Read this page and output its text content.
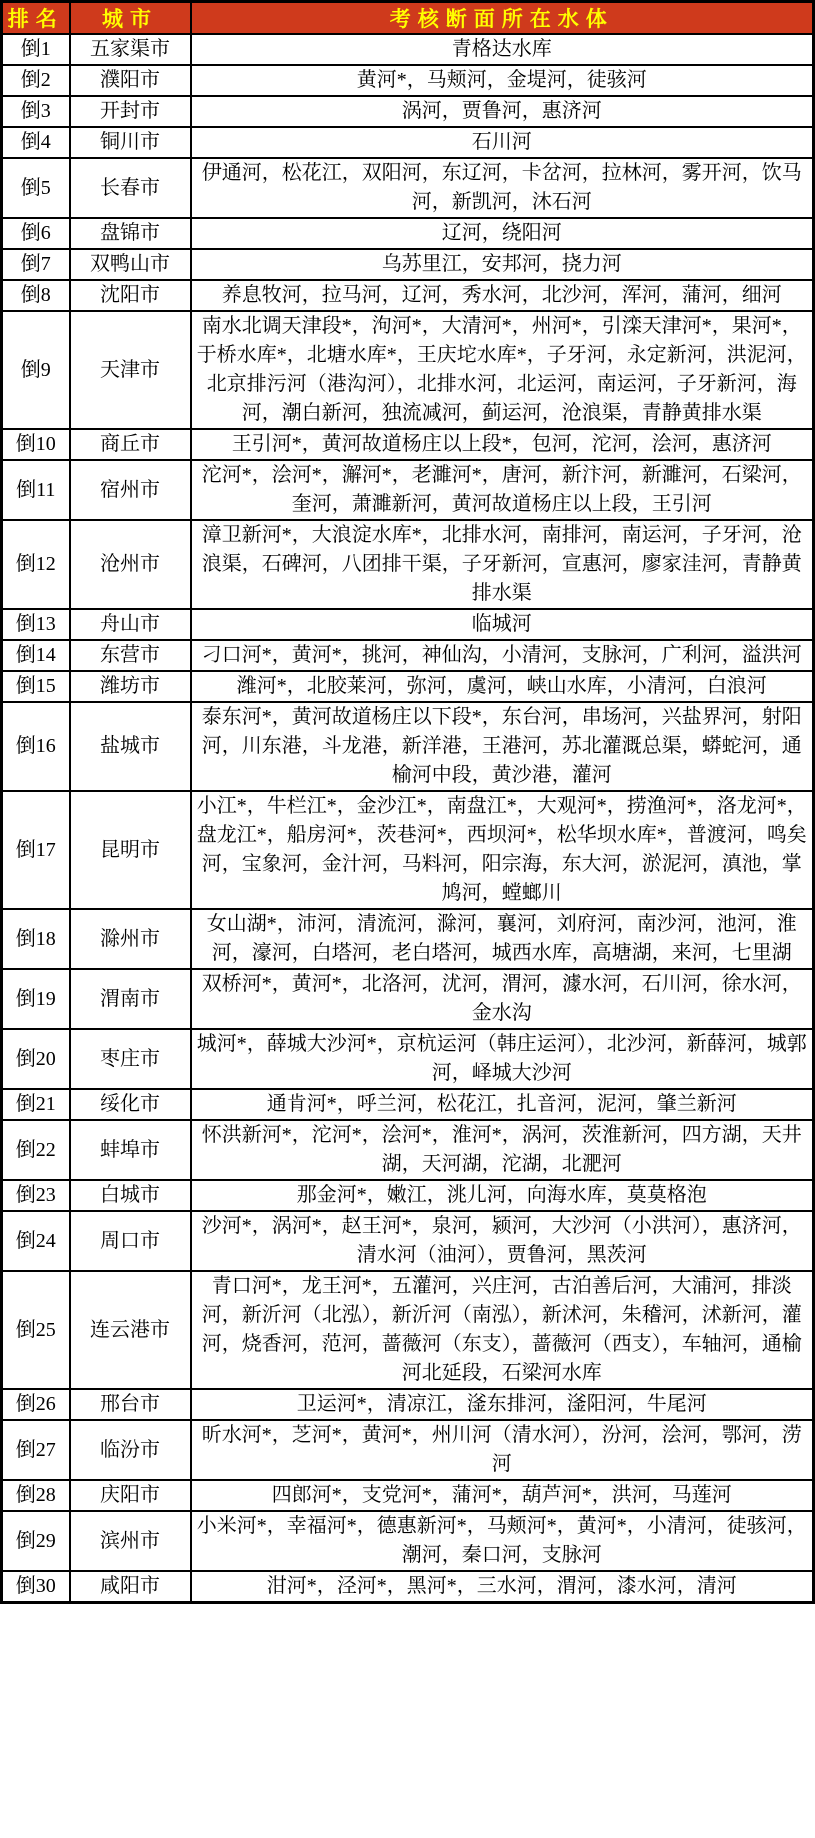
排名	城市	考核断面所在水体
倒1	五家渠市	青格达水库
倒2	濮阳市	黄河*，马颊河，金堤河，徒骇河
倒3	开封市	涡河，贾鲁河，惠济河
倒4	铜川市	石川河
倒5	长春市	伊通河，松花江，双阳河，东辽河，卡岔河，拉林河，雾开河，饮马河，新凯河，沐石河
倒6	盘锦市	辽河，绕阳河
倒7	双鸭山市	乌苏里江，安邦河，挠力河
倒8	沈阳市	养息牧河，拉马河，辽河，秀水河，北沙河，浑河，蒲河，细河
倒9	天津市	南水北调天津段*，泃河*，大清河*，州河*，引滦天津河*，果河*，于桥水库*，北塘水库*，王庆坨水库*，子牙河，永定新河，洪泥河，北京排污河（港沟河），北排水河，北运河，南运河，子牙新河，海河，潮白新河，独流减河，蓟运河，沧浪渠，青静黄排水渠
倒10	商丘市	王引河*，黄河故道杨庄以上段*，包河，沱河，浍河，惠济河
倒11	宿州市	沱河*，浍河*，澥河*，老濉河*，唐河，新汴河，新濉河，石梁河，奎河，萧濉新河，黄河故道杨庄以上段，王引河
倒12	沧州市	漳卫新河*，大浪淀水库*，北排水河，南排河，南运河，子牙河，沧浪渠，石碑河，八团排干渠，子牙新河，宣惠河，廖家洼河，青静黄排水渠
倒13	舟山市	临城河
倒14	东营市	刁口河*，黄河*，挑河，神仙沟，小清河，支脉河，广利河，溢洪河
倒15	潍坊市	潍河*，北胶莱河，弥河，虞河，峡山水库，小清河，白浪河
倒16	盐城市	泰东河*，黄河故道杨庄以下段*，东台河，串场河，兴盐界河，射阳河，川东港，斗龙港，新洋港，王港河，苏北灌溉总渠，蟒蛇河，通榆河中段，黄沙港，灌河
倒17	昆明市	小江*，牛栏江*，金沙江*，南盘江*，大观河*，捞渔河*，洛龙河*，盘龙江*，船房河*，茨巷河*，西坝河*，松华坝水库*，普渡河，鸣矣河，宝象河，金汁河，马料河，阳宗海，东大河，淤泥河，滇池，掌鸠河，螳螂川
倒18	滁州市	女山湖*，沛河，清流河，滁河，襄河，刘府河，南沙河，池河，淮河，濠河，白塔河，老白塔河，城西水库，高塘湖，来河，七里湖
倒19	渭南市	双桥河*，黄河*，北洛河，沋河，渭河，澽水河，石川河，徐水河，金水沟
倒20	枣庄市	城河*，薛城大沙河*，京杭运河（韩庄运河），北沙河，新薛河，城郭河，峄城大沙河
倒21	绥化市	通肯河*，呼兰河，松花江，扎音河，泥河，肇兰新河
倒22	蚌埠市	怀洪新河*，沱河*，浍河*，淮河*，涡河，茨淮新河，四方湖，天井湖，天河湖，沱湖，北淝河
倒23	白城市	那金河*，嫩江，洮儿河，向海水库，莫莫格泡
倒24	周口市	沙河*，涡河*，赵王河*，泉河，颍河，大沙河（小洪河），惠济河，清水河（油河），贾鲁河，黑茨河
倒25	连云港市	青口河*，龙王河*，五灌河，兴庄河，古泊善后河，大浦河，排淡河，新沂河（北泓），新沂河（南泓），新沭河，朱稽河，沭新河，灌河，烧香河，范河，蔷薇河（东支），蔷薇河（西支），车轴河，通榆河北延段，石梁河水库
倒26	邢台市	卫运河*，清凉江，滏东排河，滏阳河，牛尾河
倒27	临汾市	昕水河*，芝河*，黄河*，州川河（清水河），汾河，浍河，鄂河，涝河
倒28	庆阳市	四郎河*，支党河*，蒲河*，葫芦河*，洪河，马莲河
倒29	滨州市	小米河*，幸福河*，德惠新河*，马颊河*，黄河*，小清河，徒骇河，潮河，秦口河，支脉河
倒30	咸阳市	泔河*，泾河*，黑河*，三水河，渭河，漆水河，清河
